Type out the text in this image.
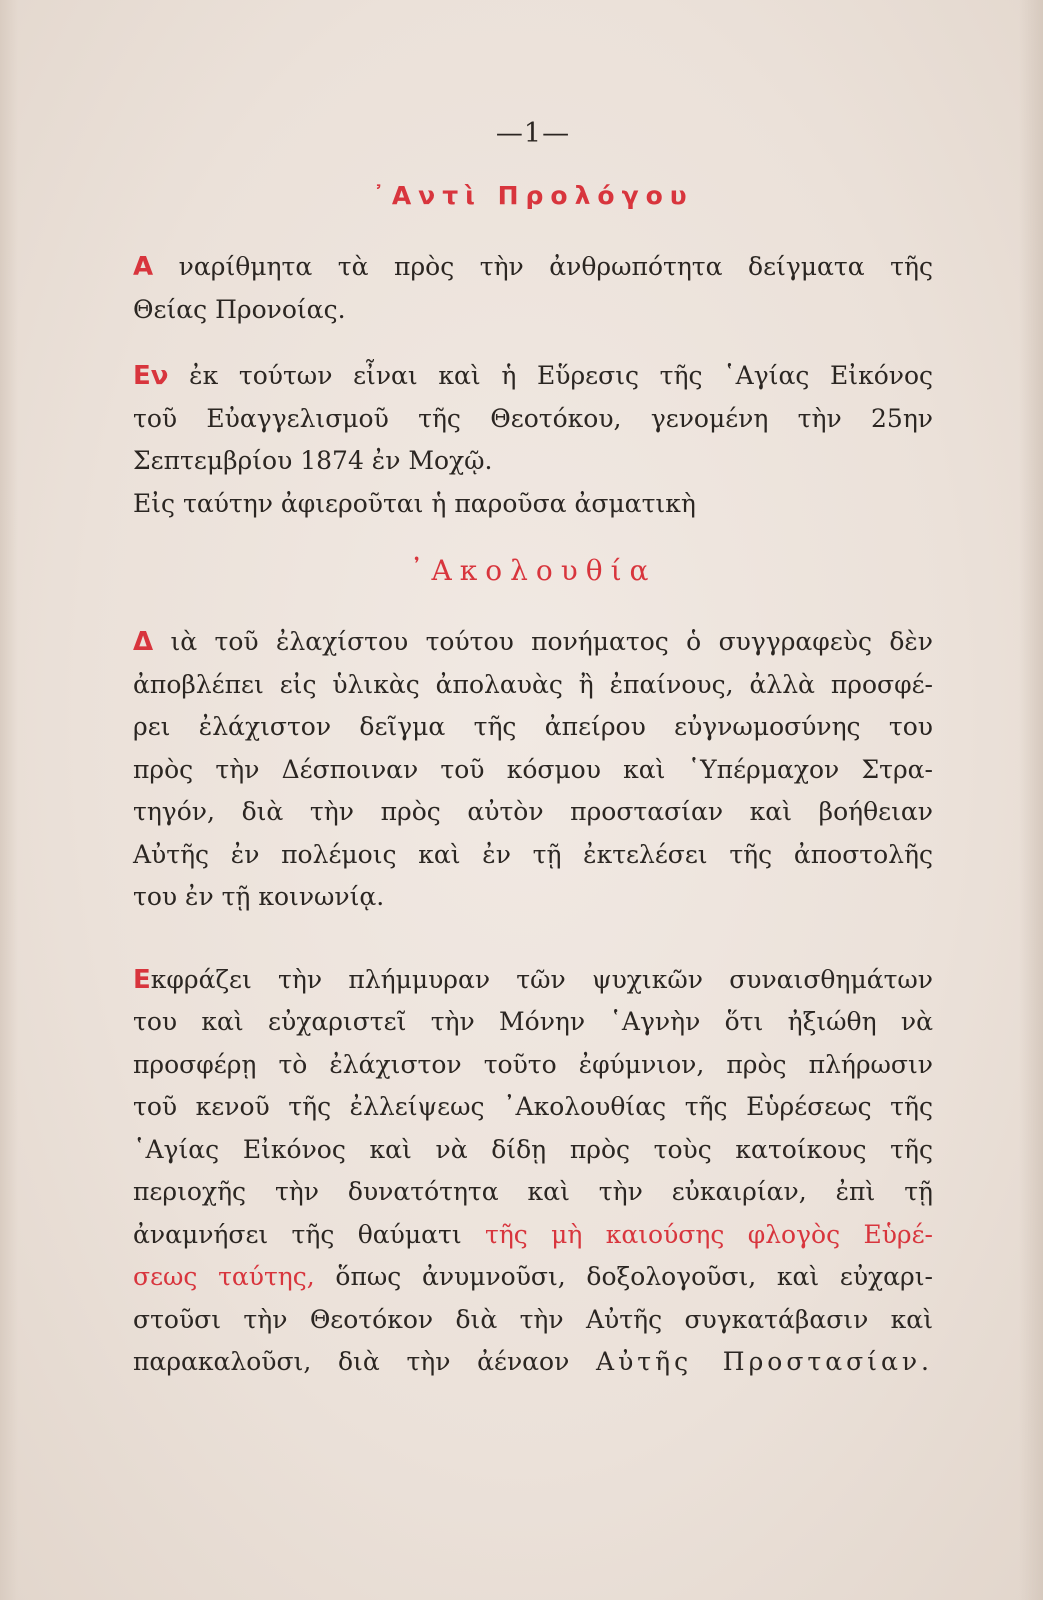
—1—
᾿Αντὶ Προλόγου
Α ναρίθμητα τὰ πρὸς τὴν ἀνθρωπότητα δείγματα τῆς
Θείας Προνοίας.
Εν ἐκ τούτων εἶναι καὶ ἡ Εὕρεσις τῆς ῾Αγίας Εἰκόνος
τοῦ Εὐαγγελισμοῦ τῆς Θεοτόκου, γενομένη τὴν 25ην
Σεπτεμβρίου 1874 ἐν Μοχῷ.
Εἰς ταύτην ἀφιεροῦται ἡ παροῦσα ἀσματικὴ
᾿Ακολουθία
Δ ιὰ τοῦ ἐλαχίστου τούτου πονήματος ὁ συγγραφεὺς δὲν
ἀποβλέπει εἰς ὑλικὰς ἀπολαυὰς ἢ ἐπαίνους, ἀλλὰ προσφέ-
ρει ἐλάχιστον δεῖγμα τῆς ἀπείρου εὐγνωμοσύνης του
πρὸς τὴν Δέσποιναν τοῦ κόσμου καὶ ῾Υπέρμαχον Στρα-
τηγόν, διὰ τὴν πρὸς αὐτὸν προστασίαν καὶ βοήθειαν
Αὐτῆς ἐν πολέμοις καὶ ἐν τῇ ἐκτελέσει τῆς ἀποστολῆς
του ἐν τῇ κοινωνίᾳ.
Εκφράζει τὴν πλήμμυραν τῶν ψυχικῶν συναισθημάτων
του καὶ εὐχαριστεῖ τὴν Μόνην ῾Αγνὴν ὅτι ἠξιώθη νὰ
προσφέρῃ τὸ ἐλάχιστον τοῦτο ἐφύμνιον, πρὸς πλήρωσιν
τοῦ κενοῦ τῆς ἐλλείψεως ᾿Ακολουθίας τῆς Εὑρέσεως τῆς
῾Αγίας Εἰκόνος καὶ νὰ δίδῃ πρὸς τοὺς κατοίκους τῆς
περιοχῆς τὴν δυνατότητα καὶ τὴν εὐκαιρίαν, ἐπὶ τῇ
ἀναμνήσει τῆς θαύματι τῆς μὴ καιούσης φλογὸς Εὑρέ-
σεως ταύτης, ὅπως ἀνυμνοῦσι, δοξολογοῦσι, καὶ εὐχαρι-
στοῦσι τὴν Θεοτόκον διὰ τὴν Αὐτῆς συγκατάβασιν καὶ
παρακαλοῦσι, διὰ τὴν ἀέναον Αὐτῆς Προστασίαν.
